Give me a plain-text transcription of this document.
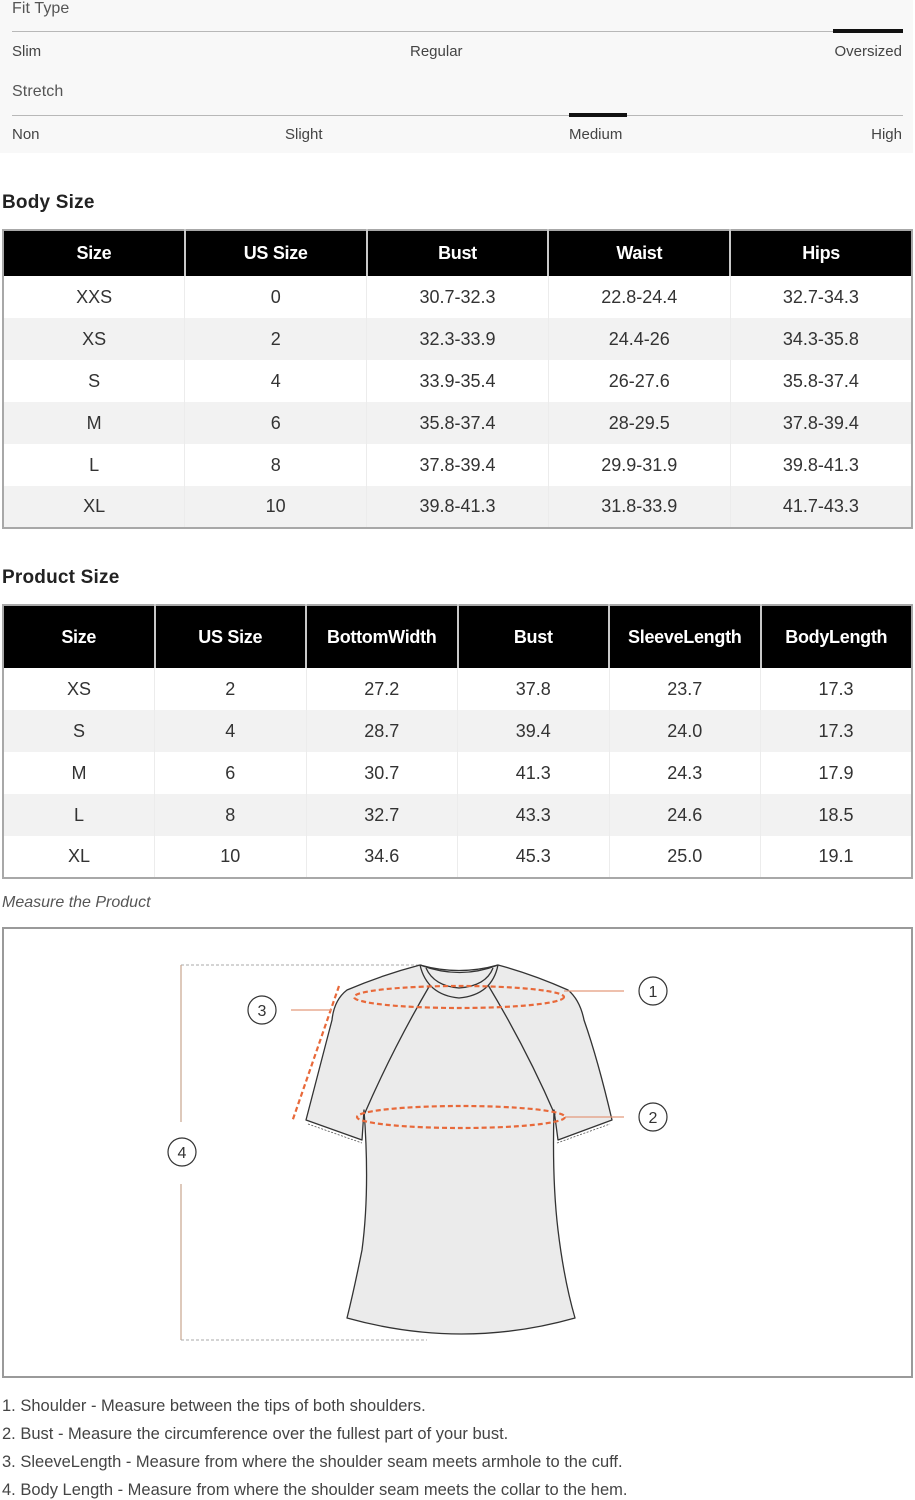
Fit Type
Slim	Regular	Oversized
Stretch
Non	Slight	Medium	High
Body Size
Size	US Size	Bust	Waist	Hips
XXS	0	30.7-32.3	22.8-24.4	32.7-34.3
XS	2	32.3-33.9	24.4-26	34.3-35.8
S	4	33.9-35.4	26-27.6	35.8-37.4
M	6	35.8-37.4	28-29.5	37.8-39.4
L	8	37.8-39.4	29.9-31.9	39.8-41.3
XL	10	39.8-41.3	31.8-33.9	41.7-43.3
Product Size
Size	US Size	BottomWidth	Bust	SleeveLength	BodyLength
XS	2	27.2	37.8	23.7	17.3
S	4	28.7	39.4	24.0	17.3
M	6	30.7	41.3	24.3	17.9
L	8	32.7	43.3	24.6	18.5
XL	10	34.6	45.3	25.0	19.1
Measure the Product
1
2
3
4
1. Shoulder - Measure between the tips of both shoulders.
2. Bust - Measure the circumference over the fullest part of your bust.
3. SleeveLength - Measure from where the shoulder seam meets armhole to the cuff.
4. Body Length - Measure from where the shoulder seam meets the collar to the hem.
